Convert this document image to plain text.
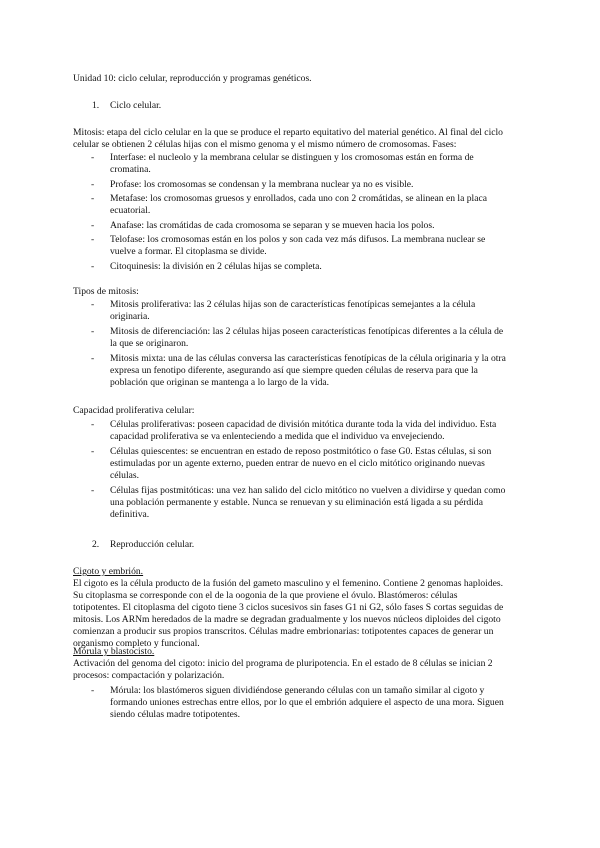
Unidad 10: ciclo celular, reproducción y programas genéticos.
1. Ciclo celular.
Mitosis: etapa del ciclo celular en la que se produce el reparto equitativo del material genético. Al final del ciclo
celular se obtienen 2 células hijas con el mismo genoma y el mismo número de cromosomas. Fases:
- Interfase: el nucleolo y la membrana celular se distinguen y los cromosomas están en forma de
cromatina.
- Profase: los cromosomas se condensan y la membrana nuclear ya no es visible.
- Metafase: los cromosomas gruesos y enrollados, cada uno con 2 cromátidas, se alinean en la placa
ecuatorial.
- Anafase: las cromátidas de cada cromosoma se separan y se mueven hacia los polos.
- Telofase: los cromosomas están en los polos y son cada vez más difusos. La membrana nuclear se
vuelve a formar. El citoplasma se divide.
- Citoquinesis: la división en 2 células hijas se completa.
Tipos de mitosis:
- Mitosis proliferativa: las 2 células hijas son de características fenotípicas semejantes a la célula
originaria.
- Mitosis de diferenciación: las 2 células hijas poseen características fenotípicas diferentes a la célula de
la que se originaron.
- Mitosis mixta: una de las células conversa las características fenotípicas de la célula originaria y la otra
expresa un fenotipo diferente, asegurando así que siempre queden células de reserva para que la
población que originan se mantenga a lo largo de la vida.
Capacidad proliferativa celular:
- Células proliferativas: poseen capacidad de división mitótica durante toda la vida del individuo. Esta
capacidad proliferativa se va enlenteciendo a medida que el individuo va envejeciendo.
- Células quiescentes: se encuentran en estado de reposo postmitótico o fase G0. Estas células, si son
estimuladas por un agente externo, pueden entrar de nuevo en el ciclo mitótico originando nuevas
células.
- Células fijas postmitóticas: una vez han salido del ciclo mitótico no vuelven a dividirse y quedan como
una población permanente y estable. Nunca se renuevan y su eliminación está ligada a su pérdida
definitiva.
2. Reproducción celular.
Cigoto y embrión.
El cigoto es la célula producto de la fusión del gameto masculino y el femenino. Contiene 2 genomas haploides.
Su citoplasma se corresponde con el de la oogonia de la que proviene el óvulo. Blastómeros: células
totipotentes. El citoplasma del cigoto tiene 3 ciclos sucesivos sin fases G1 ni G2, sólo fases S cortas seguidas de
mitosis. Los ARNm heredados de la madre se degradan gradualmente y los nuevos núcleos diploides del cigoto
comienzan a producir sus propios transcritos. Células madre embrionarias: totipotentes capaces de generar un
organismo completo y funcional.
Mórula y blastocisto.
Activación del genoma del cigoto: inicio del programa de pluripotencia. En el estado de 8 células se inician 2
procesos: compactación y polarización.
- Mórula: los blastómeros siguen dividiéndose generando células con un tamaño similar al cigoto y
formando uniones estrechas entre ellos, por lo que el embrión adquiere el aspecto de una mora. Siguen
siendo células madre totipotentes.
